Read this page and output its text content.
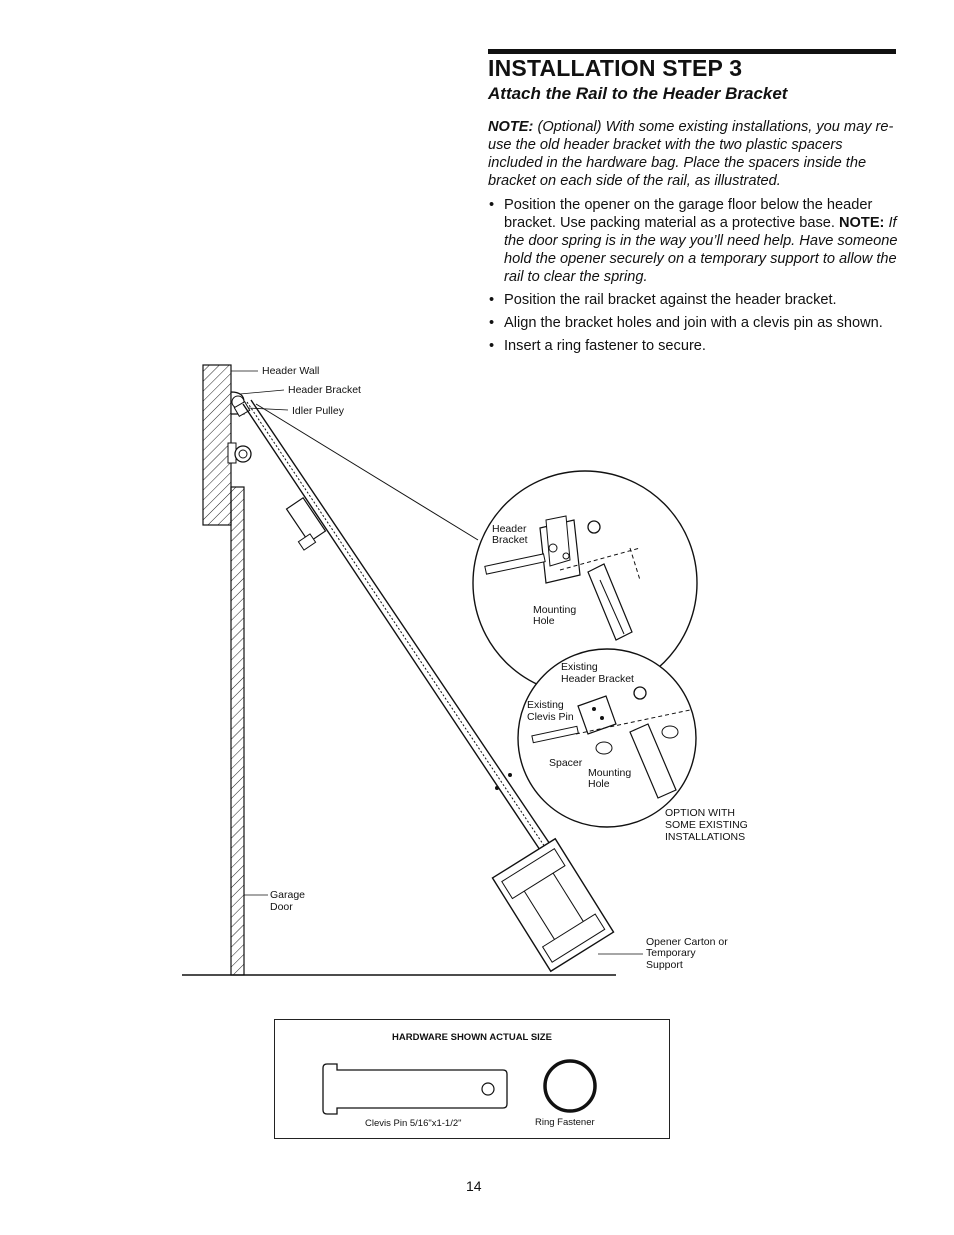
INSTALLATION STEP 3
Attach the Rail to the Header Bracket

NOTE: (Optional) With some existing installations, you may re-use the old header bracket with the two plastic spacers included in the hardware bag. Place the spacers inside the bracket on each side of the rail, as illustrated.

• Position the opener on the garage floor below the header bracket. Use packing material as a protective base. NOTE: If the door spring is in the way you’ll need help. Have someone hold the opener securely on a temporary support to allow the rail to clear the spring.
• Position the rail bracket against the header bracket.
• Align the bracket holes and join with a clevis pin as shown.
• Insert a ring fastener to secure.
Header Wall
Header Bracket
Idler Pulley
Garage
Door
Opener Carton or
Temporary
Support
Header
Bracket
Mounting
Hole
Existing
Header Bracket
Existing
Clevis Pin
Spacer
Mounting
Hole
OPTION WITH
SOME EXISTING
INSTALLATIONS
HARDWARE SHOWN ACTUAL SIZE
Clevis Pin 5/16"x1-1/2"	Ring Fastener
14
